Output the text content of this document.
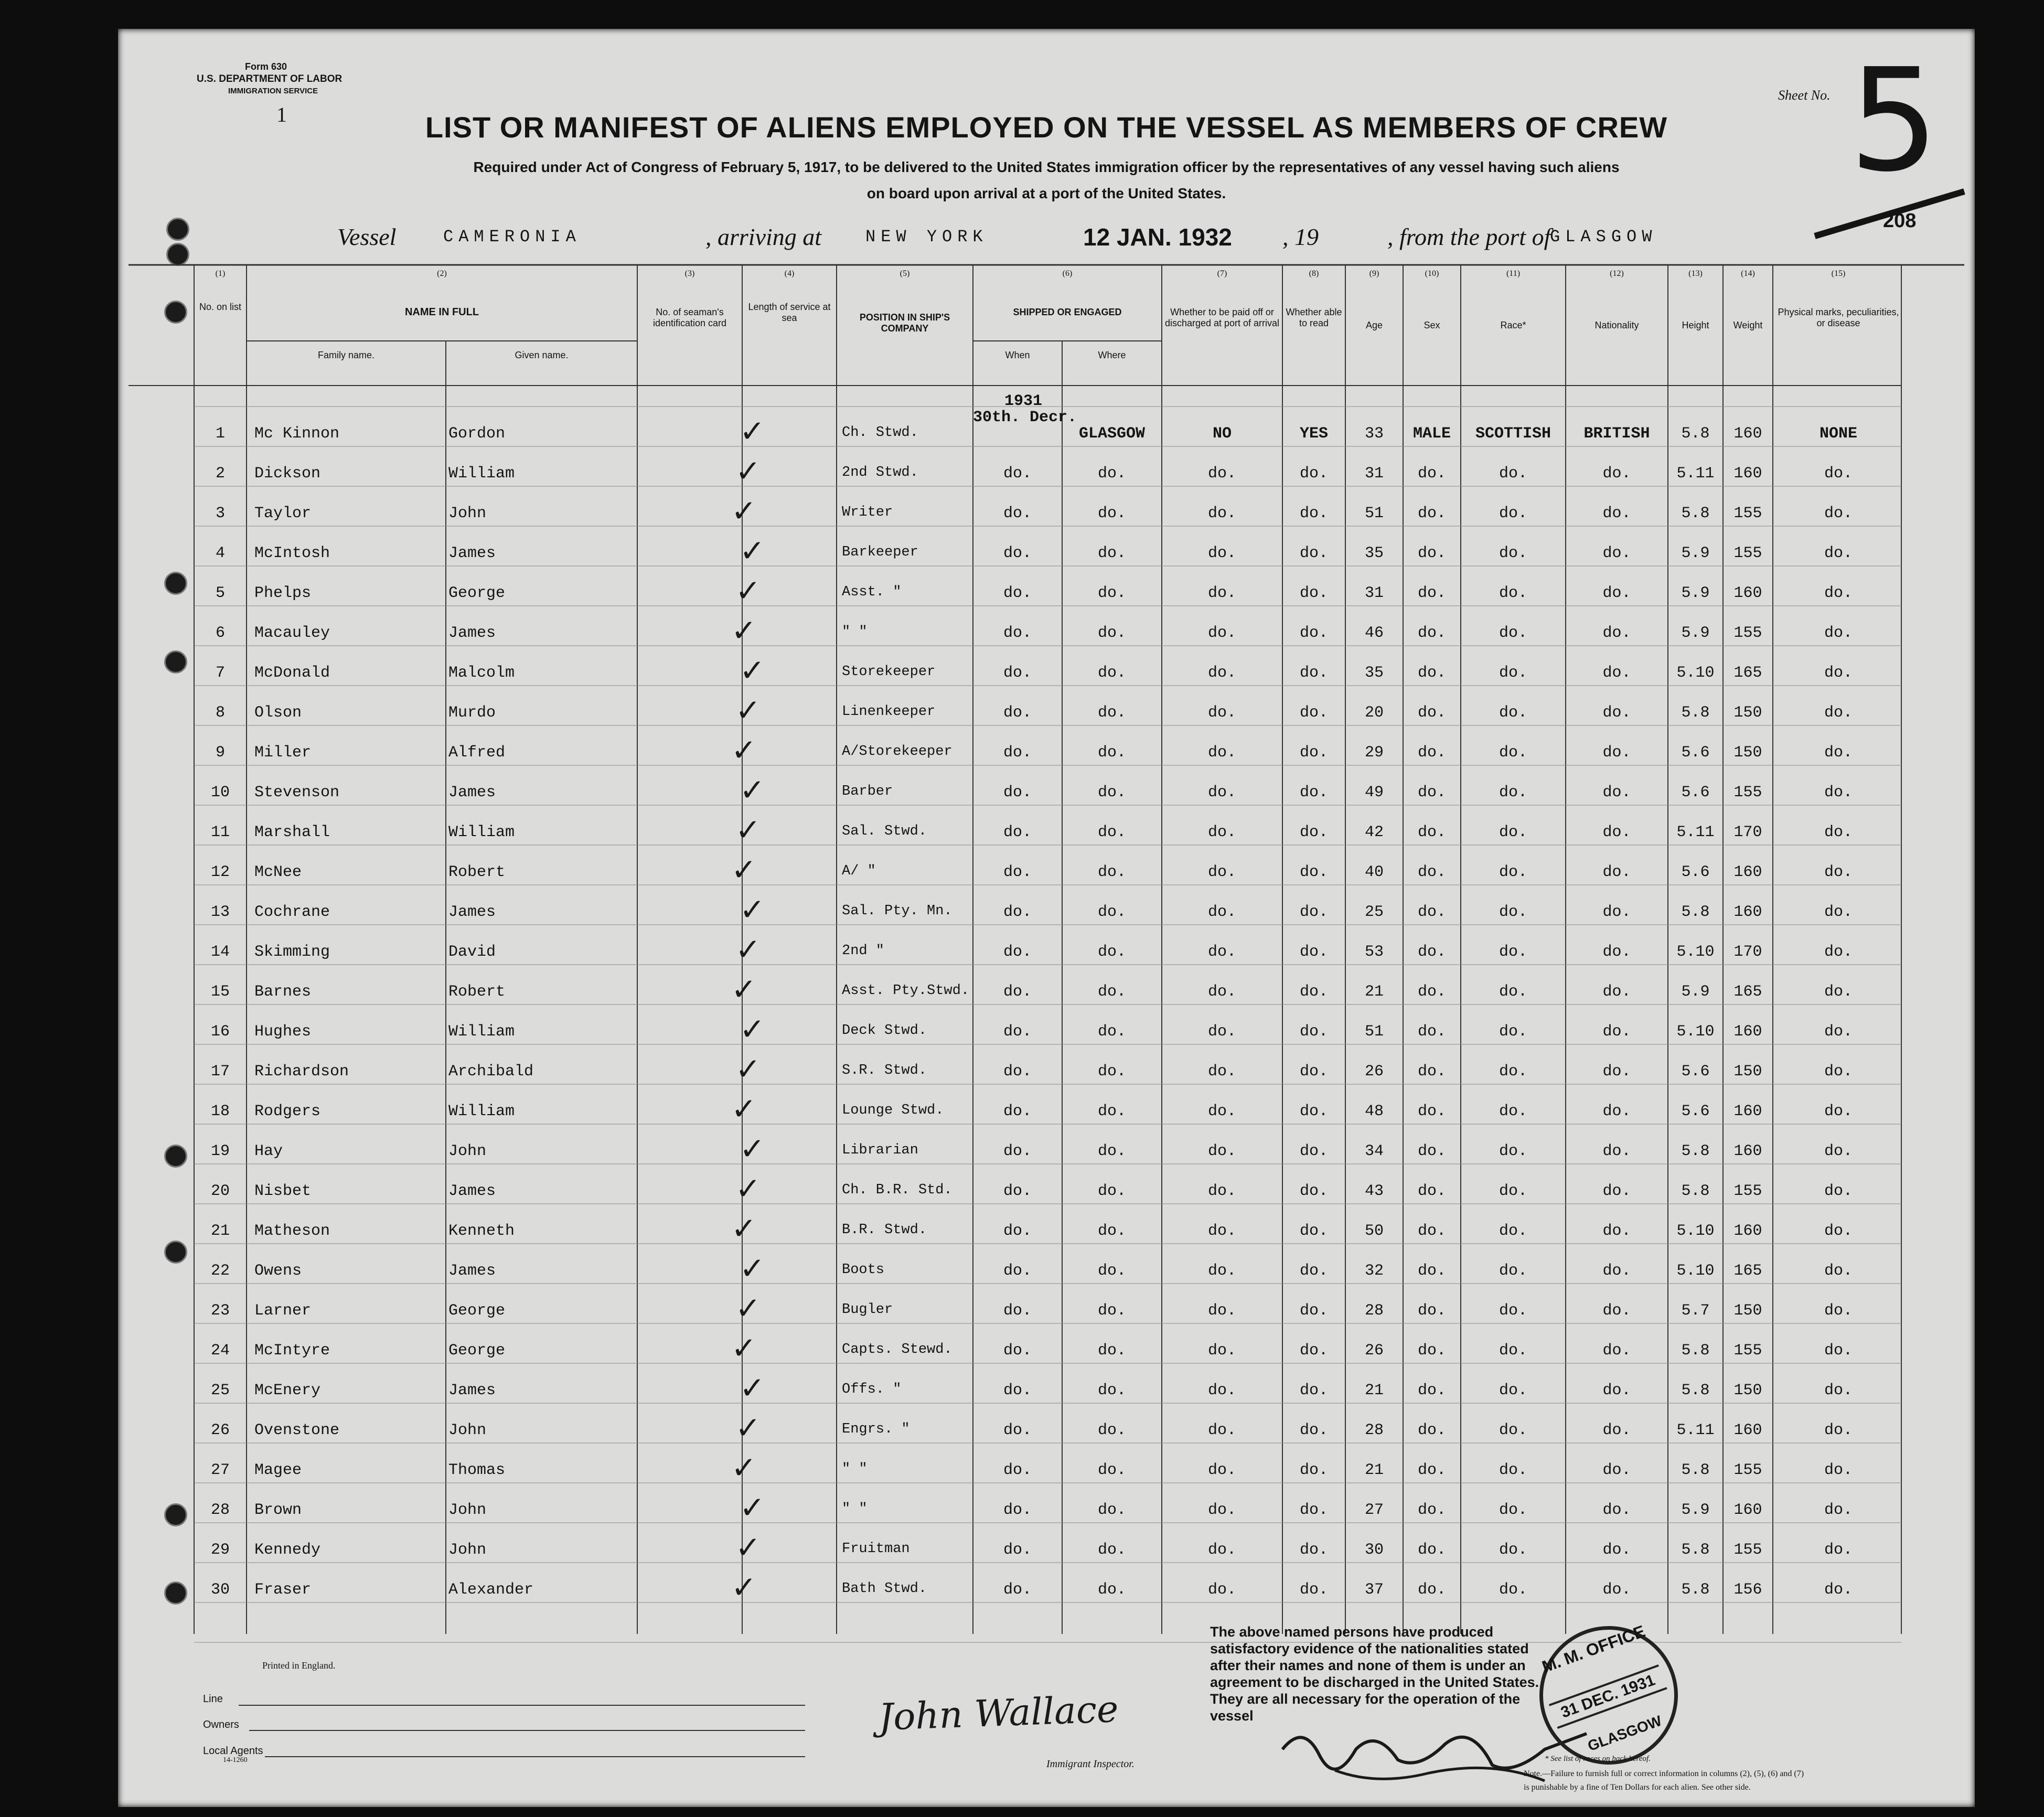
Form 630
U.S. DEPARTMENT OF LABOR
IMMIGRATION SERVICE
1	LIST OR MANIFEST OF ALIENS EMPLOYED ON THE VESSEL AS MEMBERS OF CREW
Required under Act of Congress of February 5, 1917, to be delivered to the United States immigration officer by the representatives of any vessel having such aliens
on board upon arrival at a port of the United States.
Sheet No. 5
208
Vessel	CAMERONIA	, arriving at	NEW YORK	12 JAN. 1932 , 19	, from the port of
GLASGOW
(1)	(2)	(3)	(4)	(5)	(6)	(7)	(8)	(9)	(10)	(11)	(12)	(13)	(14)	(15)
No. on list	NAME IN FULL
Family name.	Given name.
No. of seaman's identification card
Length of service at sea	POSITION IN SHIP'S COMPANY
SHIPPED OR ENGAGED
When	Where
Whether to be paid off or discharged at port of arrival
Whether able to read	Age	Sex	Race*	Nationality	Height	Weight
Physical marks, peculiarities, or disease
1931
30th. Decr.
1	Mc Kinnon	Gordon	Ch. Stwd.	GLASGOW	NO	YES	33	MALE	SCOTTISH	BRITISH	5.8	160	NONE
✓
2	Dickson	William	2nd Stwd.	do.	do.	do.	do.	31	do.	do.	do.	5.11	160	do.
✓
3	Taylor	John	Writer	do.	do.	do.	do.	51	do.	do.	do.	5.8	155	do.
✓
4	McIntosh	James	Barkeeper	do.	do.	do.	do.	35	do.	do.	do.	5.9	155	do.
✓
5	Phelps	George	Asst. "	do.	do.	do.	do.	31	do.	do.	do.	5.9	160	do.
✓
6	Macauley	James	" "	do.	do.	do.	do.	46	do.	do.	do.	5.9	155	do.
✓
7	McDonald	Malcolm	Storekeeper	do.	do.	do.	do.	35	do.	do.	do.	5.10	165	do.
✓
8	Olson	Murdo	Linenkeeper	do.	do.	do.	do.	20	do.	do.	do.	5.8	150	do.
✓
9	Miller	Alfred	A/Storekeeper	do.	do.	do.	do.	29	do.	do.	do.	5.6	150	do.
✓
10	Stevenson	James	Barber	do.	do.	do.	do.	49	do.	do.	do.	5.6	155	do.
✓
11	Marshall	William	Sal. Stwd.	do.	do.	do.	do.	42	do.	do.	do.	5.11	170	do.
✓
12	McNee	Robert	A/ "	do.	do.	do.	do.	40	do.	do.	do.	5.6	160	do.
✓
13	Cochrane	James	Sal. Pty. Mn.	do.	do.	do.	do.	25	do.	do.	do.	5.8	160	do.
✓
14	Skimming	David	2nd "	do.	do.	do.	do.	53	do.	do.	do.	5.10	170	do.
✓
15	Barnes	Robert	Asst. Pty.Stwd.	do.	do.	do.	do.	21	do.	do.	do.	5.9	165	do.
✓
16	Hughes	William	Deck Stwd.	do.	do.	do.	do.	51	do.	do.	do.	5.10	160	do.
✓
17	Richardson	Archibald	S.R. Stwd.	do.	do.	do.	do.	26	do.	do.	do.	5.6	150	do.
✓
18	Rodgers	William	Lounge Stwd.	do.	do.	do.	do.	48	do.	do.	do.	5.6	160	do.
✓
19	Hay	John	Librarian	do.	do.	do.	do.	34	do.	do.	do.	5.8	160	do.
✓
20	Nisbet	James	Ch. B.R. Std.	do.	do.	do.	do.	43	do.	do.	do.	5.8	155	do.
✓
21	Matheson	Kenneth	B.R. Stwd.	do.	do.	do.	do.	50	do.	do.	do.	5.10	160	do.
✓
22	Owens	James	Boots	do.	do.	do.	do.	32	do.	do.	do.	5.10	165	do.
✓
23	Larner	George	Bugler	do.	do.	do.	do.	28	do.	do.	do.	5.7	150	do.
✓
24	McIntyre	George	Capts. Stewd.	do.	do.	do.	do.	26	do.	do.	do.	5.8	155	do.
✓
25	McEnery	James	Offs. "	do.	do.	do.	do.	21	do.	do.	do.	5.8	150	do.
✓
26	Ovenstone	John	Engrs. "	do.	do.	do.	do.	28	do.	do.	do.	5.11	160	do.
✓
27	Magee	Thomas	" "	do.	do.	do.	do.	21	do.	do.	do.	5.8	155	do.
✓
28	Brown	John	" "	do.	do.	do.	do.	27	do.	do.	do.	5.9	160	do.
✓
29	Kennedy	John	Fruitman	do.	do.	do.	do.	30	do.	do.	do.	5.8	155	do.
✓
30	Fraser	Alexander	Bath Stwd.	do.	do.	do.	do.	37	do.	do.	do.	5.8	156	do.
✓
The above named persons have produced satisfactory evidence of the nationalities stated after their names and none of them is under an agreement to be discharged in the United States. They are all necessary for the operation of the vessel
Printed in England.
Line
Owners
Local Agents
14-1260
John Wallace
Immigrant Inspector.
M. M. OFFICE
31 DEC. 1931
GLASGOW
* See list of races on back hereof.
Note.—Failure to furnish full or correct information in columns (2), (5), (6) and (7)
is punishable by a fine of Ten Dollars for each alien. See other side.
